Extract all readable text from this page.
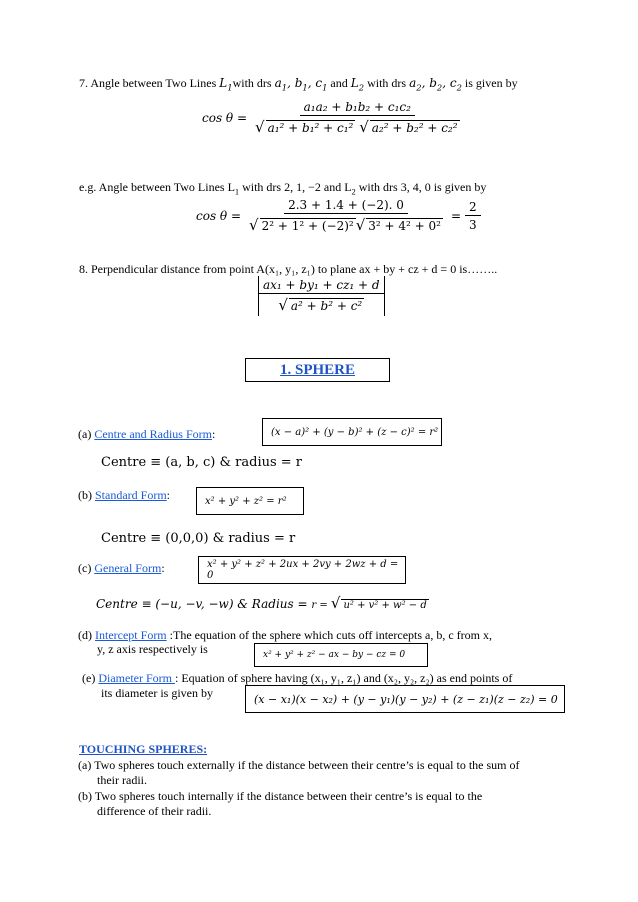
7. Angle between Two Lines $L_1with$ drs $a_1$, $b_1$, $c_1$ and $L_2$ with drs $a_2$, $b_2$, $c_2$ is given by
$\cos \theta = \frac{\text{a₁a₂ + b₁b₂ + c₁c₂}}{\text{√ a₁² + b₁² + c₁² √ a₂² + b₂² + c₂²}}$
e.g. Angle between Two Lines $L_1$ with drs 2, 1, −2 and $L_2$ with drs 3, 4, 0 is given by
$\cos \theta = \frac{2.3 + 1.4 + (-2). 0}{\text{√ 2² + 1² + (−2)² √ 3² + 4² + 0²}} = \frac{2}{3}$
8. Perpendicular distance from point A(x₁, y₁, z₁) to plane ax + by + cz + d = 0 is……..
$\frac{\text{ax₁ + by₁ + cz₁ + d}}{\text{√ a² + b² + c²}}$
1. SPHERE
(a) Centre and Radius Form:	(x − a)² + (y − b)² + (z − c)² = r²
Centre ≡ (a, b, c) & radius = r
(b) Standard Form:	x² + y² + z² = r²
Centre ≡ (0,0,0) & radius = r
(c) General Form:	x² + y² + z² + 2ux + 2vy + 2wz + d = 0
Centre ≡ (−u, −v, −w) & Radius = r = √ u² + v² + w² − d
(d) Intercept Form :The equation of the sphere which cuts off intercepts a, b, c from x,
y, z axis respectively is	x² + y² + z² − ax − by − cz = 0
(e) Diameter Form : Equation of sphere having (x₁, y₁, z₁) and (x₂, y₂, z₂) as end points of
its diameter is given by	(x − x₁)(x − x₂) + (y − y₁)(y − y₂) + (z − z₁)(z − z₂) = 0
TOUCHING SPHERES:
(a) Two spheres touch externally if the distance between their centre’s is equal to the sum of
their radii.
(b) Two spheres touch internally if the distance between their centre’s is equal to the
difference of their radii.
